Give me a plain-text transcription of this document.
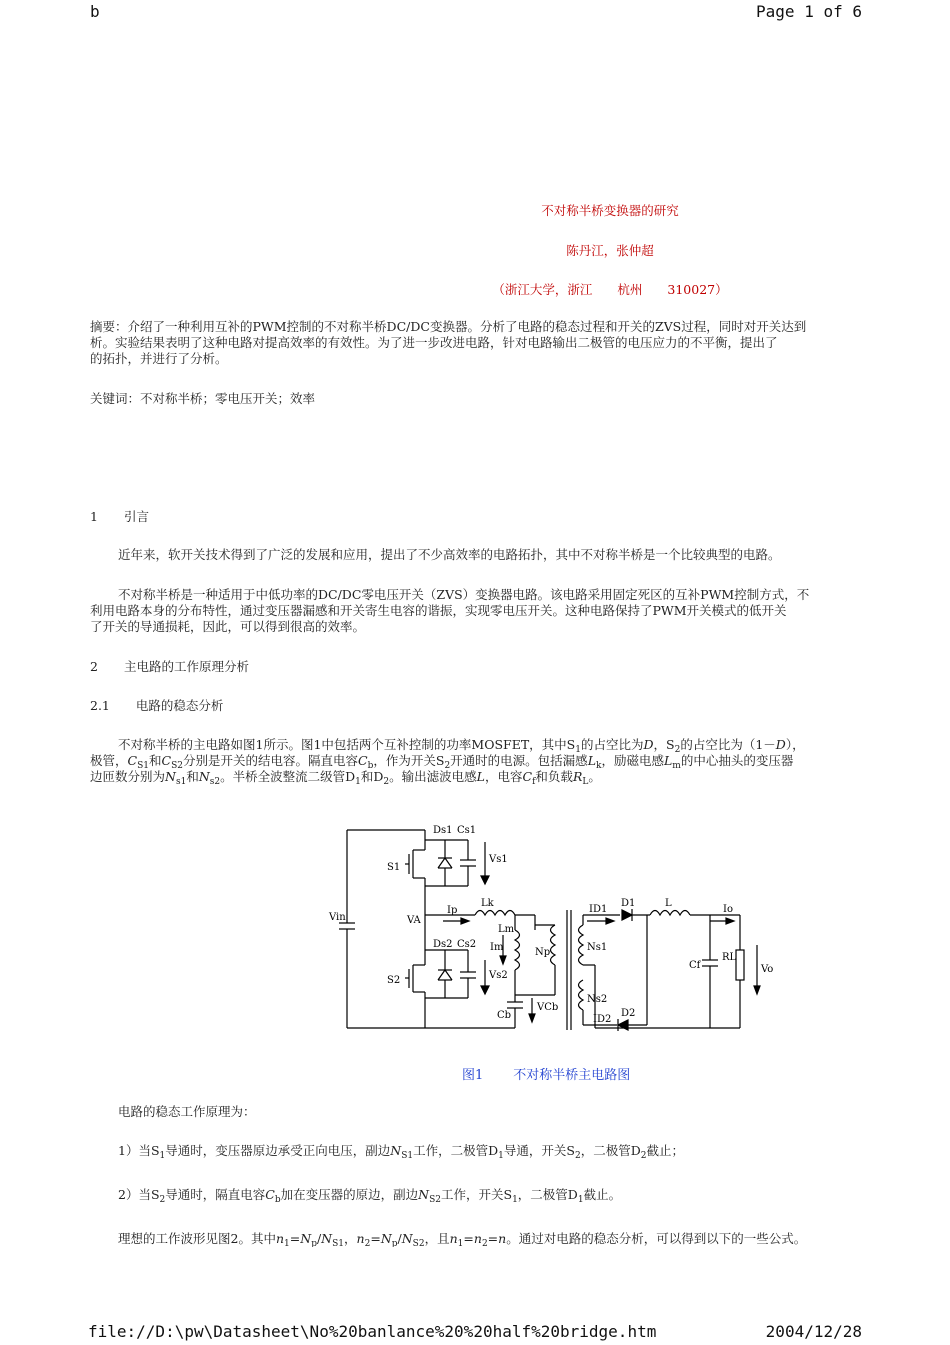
b	Page 1 of 6
不对称半桥变换器的研究
陈丹江，张仲超
（浙江大学，浙江　　杭州　　310027）
摘要：介绍了一种利用互补的PWM控制的不对称半桥DC/DC变换器。分析了电路的稳态过程和开关的ZVS过程，同时对开关达到
析。实验结果表明了这种电路对提高效率的有效性。为了进一步改进电路，针对电路输出二极管的电压应力的不平衡，提出了
的拓扑，并进行了分析。
关键词：不对称半桥；零电压开关；效率
1 引言
近年来，软开关技术得到了广泛的发展和应用，提出了不少高效率的电路拓扑，其中不对称半桥是一个比较典型的电路。
不对称半桥是一种适用于中低功率的DC/DC零电压开关（ZVS）变换器电路。该电路采用固定死区的互补PWM控制方式，不
利用电路本身的分布特性，通过变压器漏感和开关寄生电容的谐振，实现零电压开关。这种电路保持了PWM开关模式的低开关
了开关的导通损耗，因此，可以得到很高的效率。
2 主电路的工作原理分析
2.1 电路的稳态分析
不对称半桥的主电路如图1所示。图1中包括两个互补控制的功率MOSFET，其中$S_1$的占空比为D，$S_2$的占空比为（1－D），
极管，$C_{S1}$和$C_{S2}$分别是开关的结电容。隔直电容$C_b$，作为开关$S_2$开通时的电源。包括漏感$L_k$，励磁电感$L_m$的中心抽头的变压器
边匝数分别为$N_{s1}$和$N_{s2}$。半桥全波整流二级管$D_1$和$D_2$。输出滤波电感L，电容$C_f$和负载$R_L$。
Ds1 Cs1
S1
Vs1
Vin	VA
Ip
Lk
Lm
Im	Np
Ds2 Cs2
S2	Vs2
Cb
VCb
ID1
D1	L
Io
Ns1
Cf
RL
Vo
Ns2
ID2
D2
图1 不对称半桥主电路图
电路的稳态工作原理为：
1）当$S_1$导通时，变压器原边承受正向电压，副边$N_{S1}$工作，二极管$D_1$导通，开关$S_2$，二极管$D_2$截止；
2）当$S_2$导通时，隔直电容$C_b$加在变压器的原边，副边$N_{S2}$工作，开关$S_1$，二极管$D_1$截止。
理想的工作波形见图2。其中$n_1=N_p/N_{S1}$，$n_2=N_p/N_{S2}$，且$n_1=n_2=n$。通过对电路的稳态分析，可以得到以下的一些公式。
file://D:\pw\Datasheet\No%20banlance%20%20half%20bridge.htm	2004/12/28
